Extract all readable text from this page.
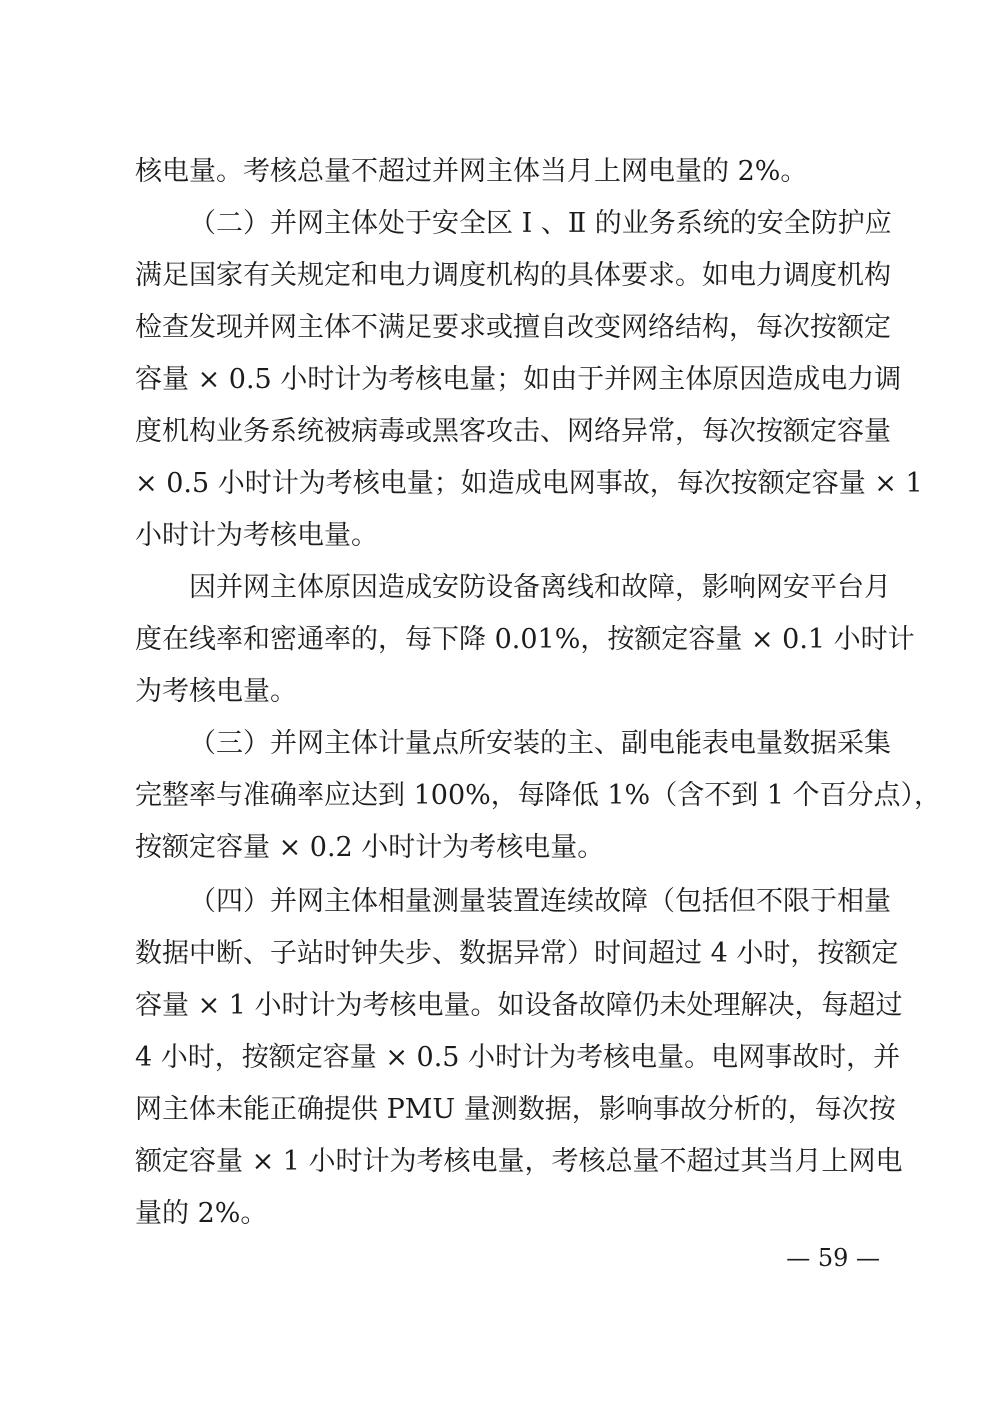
核电量。考核总量不超过并网主体当月上网电量的 2%。
（二）并网主体处于安全区 Ⅰ 、Ⅱ 的业务系统的安全防护应
满足国家有关规定和电力调度机构的具体要求。如电力调度机构
检查发现并网主体不满足要求或擅自改变网络结构，每次按额定
容量 × 0.5 小时计为考核电量；如由于并网主体原因造成电力调
度机构业务系统被病毒或黑客攻击、网络异常，每次按额定容量
× 0.5 小时计为考核电量；如造成电网事故，每次按额定容量 × 1
小时计为考核电量。
因并网主体原因造成安防设备离线和故障，影响网安平台月
度在线率和密通率的，每下降 0.01%，按额定容量 × 0.1 小时计
为考核电量。
（三）并网主体计量点所安装的主、副电能表电量数据采集
完整率与准确率应达到 100%，每降低 1%（含不到 1 个百分点），
按额定容量 × 0.2 小时计为考核电量。
（四）并网主体相量测量装置连续故障（包括但不限于相量
数据中断、子站时钟失步、数据异常）时间超过 4 小时，按额定
容量 × 1 小时计为考核电量。如设备故障仍未处理解决，每超过
4 小时，按额定容量 × 0.5 小时计为考核电量。电网事故时，并
网主体未能正确提供 PMU 量测数据，影响事故分析的，每次按
额定容量 × 1 小时计为考核电量，考核总量不超过其当月上网电
量的 2%。
— 59 —
